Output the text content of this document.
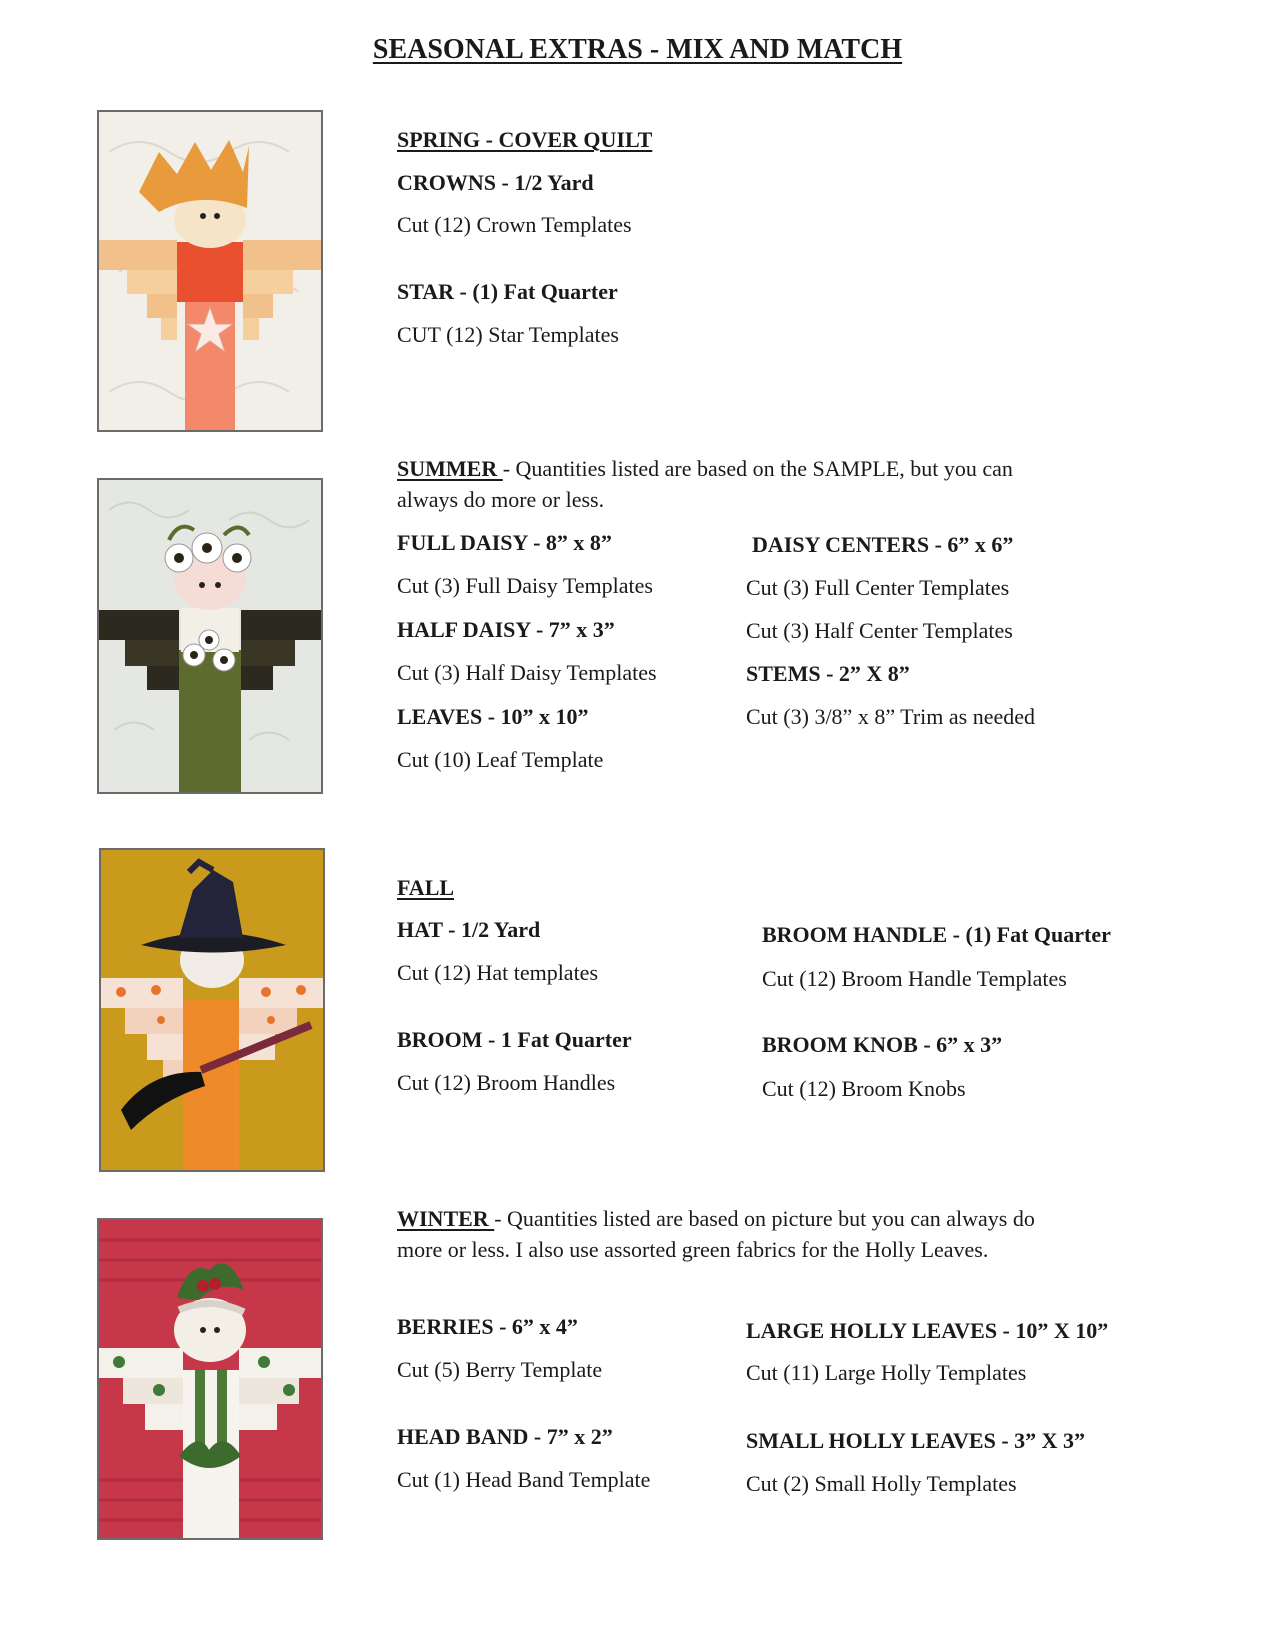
SEASONAL EXTRAS - MIX AND MATCH
SPRING - COVER QUILT
CROWNS - 1/2 Yard
Cut (12) Crown Templates
STAR - (1) Fat Quarter
CUT (12) Star Templates
SUMMER - Quantities listed are based on the SAMPLE, but you can always do more or less.
FULL DAISY - 8” x 8”
Cut (3) Full Daisy Templates
HALF DAISY - 7” x 3”
Cut (3) Half Daisy Templates
LEAVES - 10” x 10”
Cut (10) Leaf Template
DAISY CENTERS - 6” x 6”
Cut (3) Full Center Templates
Cut (3) Half Center Templates
STEMS - 2” X 8”
Cut (3) 3/8” x 8” Trim as needed
FALL
HAT - 1/2 Yard
Cut (12) Hat templates
BROOM - 1 Fat Quarter
Cut (12) Broom Handles
BROOM HANDLE - (1) Fat Quarter
Cut (12) Broom Handle Templates
BROOM KNOB - 6” x 3”
Cut (12) Broom Knobs
WINTER - Quantities listed are based on picture but you can always do more or less. I also use assorted green fabrics for the Holly Leaves.
BERRIES - 6” x 4”
Cut (5) Berry Template
HEAD BAND - 7” x 2”
Cut (1) Head Band Template
LARGE HOLLY LEAVES - 10” X 10”
Cut (11) Large Holly Templates
SMALL HOLLY LEAVES - 3” X 3”
Cut (2) Small Holly Templates
